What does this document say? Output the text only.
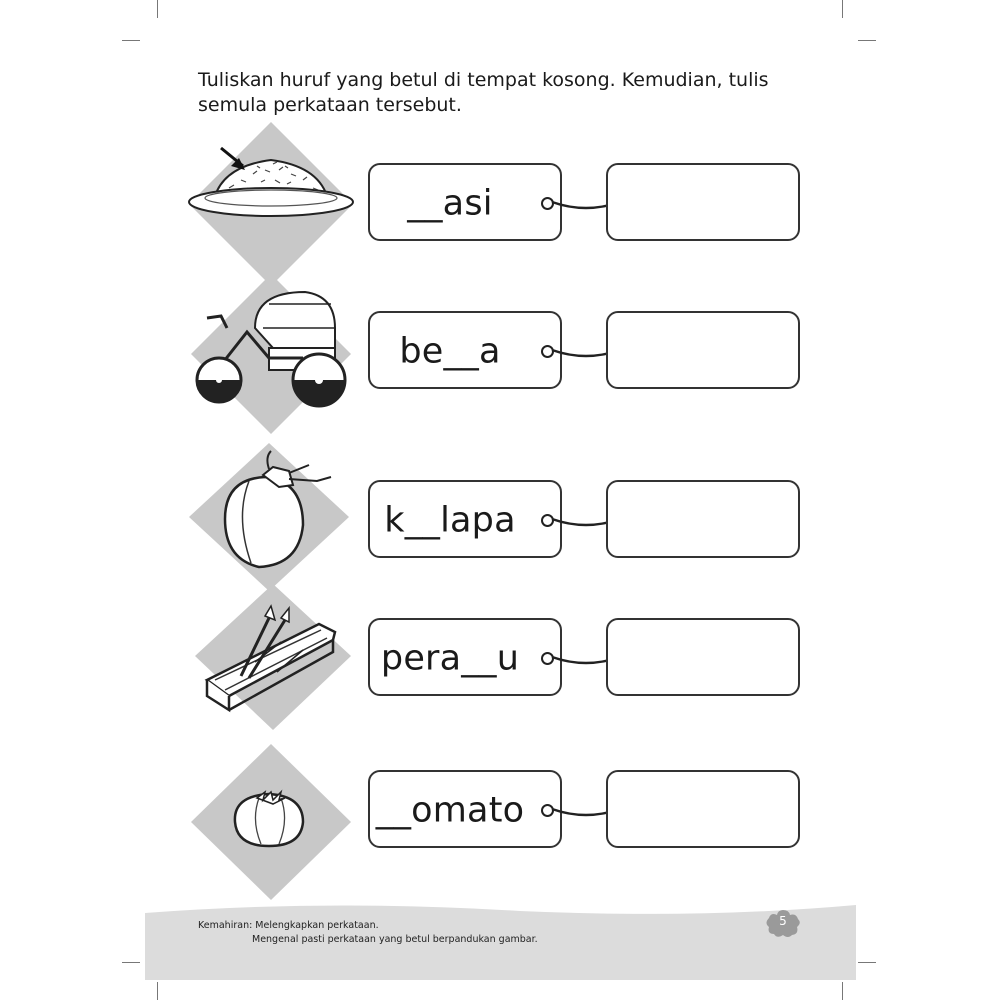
Tuliskan huruf yang betul di tempat kosong. Kemudian, tulis semula perkataan tersebut.

__asi
be__a
k__lapa
pera__u
__omato
Kemahiran: Melengkapkan perkataan.
Mengenal pasti perkataan yang betul berpandukan gambar.
5
